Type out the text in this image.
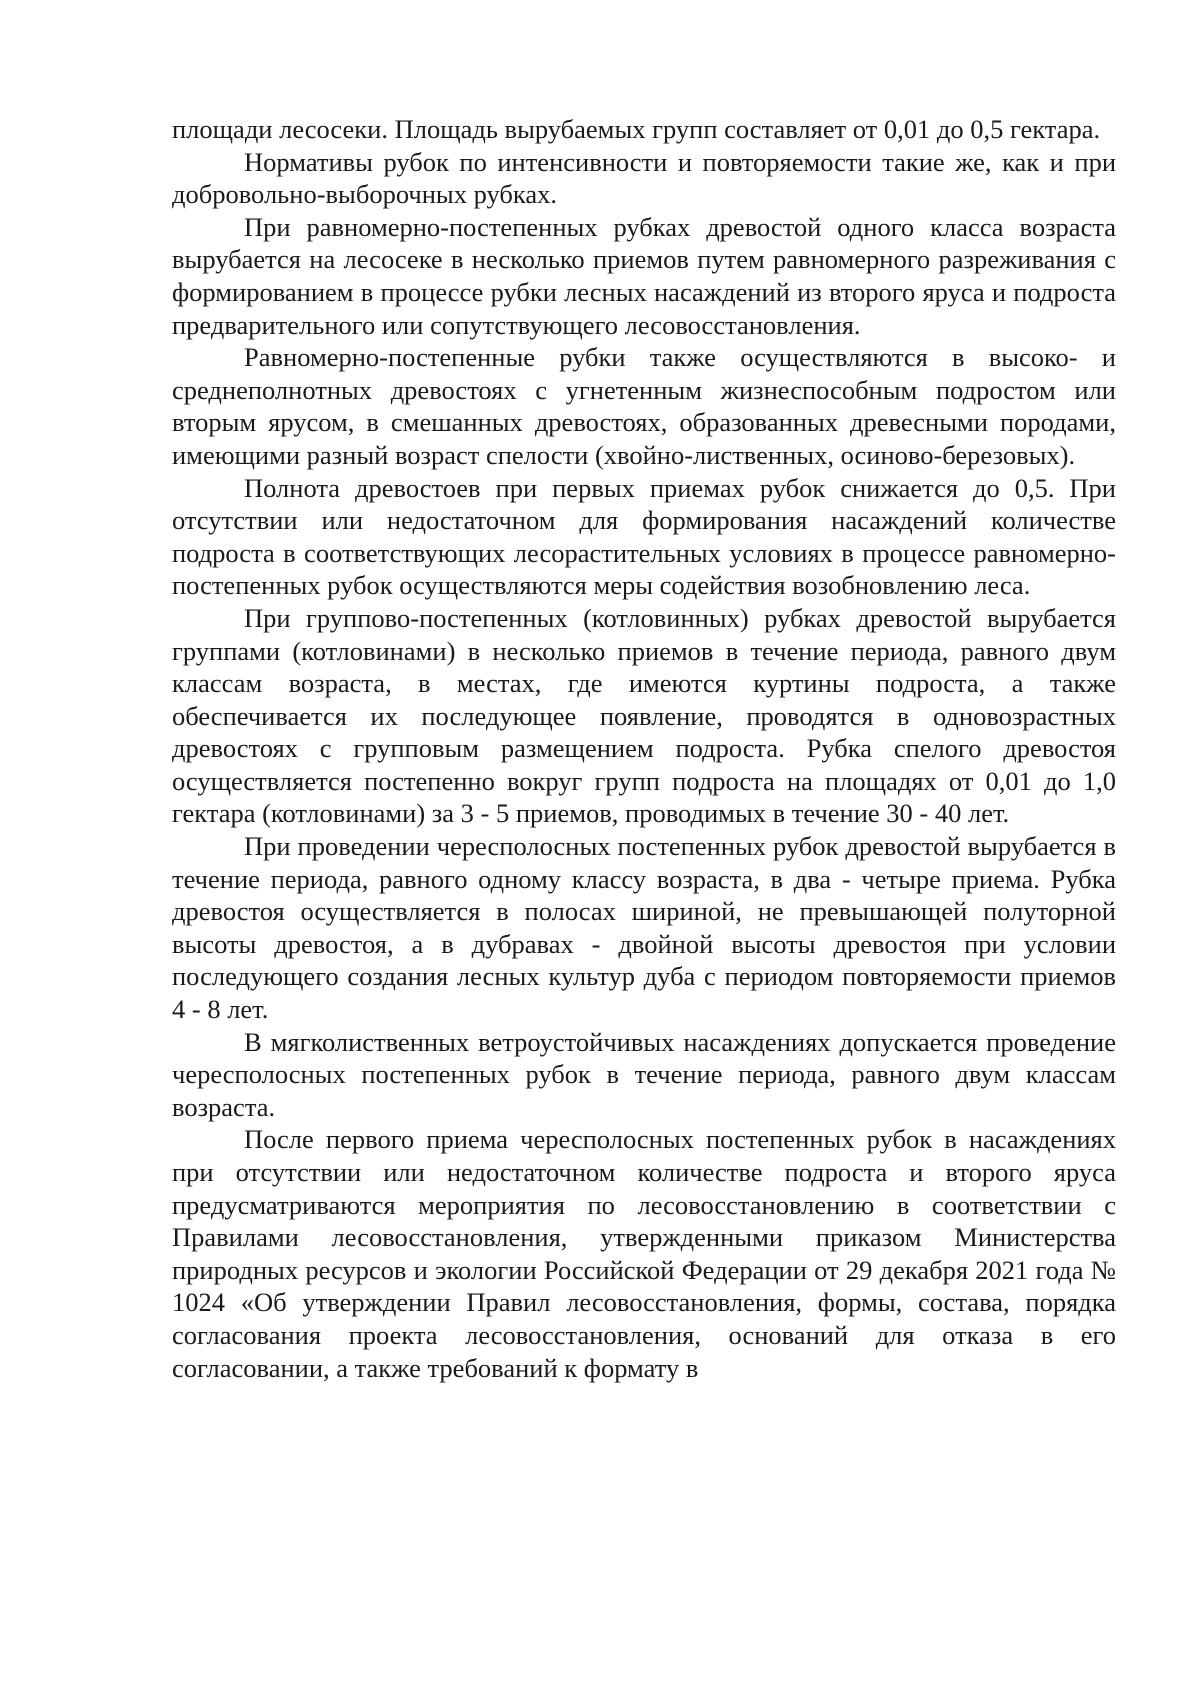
площади лесосеки. Площадь вырубаемых групп составляет от 0,01 до 0,5 гектара.

Нормативы рубок по интенсивности и повторяемости такие же, как и при добровольно-выборочных рубках.

При равномерно-постепенных рубках древостой одного класса возраста вырубается на лесосеке в несколько приемов путем равномерного разреживания с формированием в процессе рубки лесных насаждений из второго яруса и подроста предварительного или сопутствующего лесовосстановления.

Равномерно-постепенные рубки также осуществляются в высоко- и среднеполнотных древостоях с угнетенным жизнеспособным подростом или вторым ярусом, в смешанных древостоях, образованных древесными породами, имеющими разный возраст спелости (хвойно-лиственных, осиново-березовых).

Полнота древостоев при первых приемах рубок снижается до 0,5. При отсутствии или недостаточном для формирования насаждений количестве подроста в соответствующих лесорастительных условиях в процессе равномерно-постепенных рубок осуществляются меры содействия возобновлению леса.

При группово-постепенных (котловинных) рубках древостой вырубается группами (котловинами) в несколько приемов в течение периода, равного двум классам возраста, в местах, где имеются куртины подроста, а также обеспечивается их последующее появление, проводятся в одновозрастных древостоях с групповым размещением подроста. Рубка спелого древостоя осуществляется постепенно вокруг групп подроста на площадях от 0,01 до 1,0 гектара (котловинами) за 3 - 5 приемов, проводимых в течение 30 - 40 лет.

При проведении чересполосных постепенных рубок древостой вырубается в течение периода, равного одному классу возраста, в два - четыре приема. Рубка древостоя осуществляется в полосах шириной, не превышающей полуторной высоты древостоя, а в дубравах - двойной высоты древостоя при условии последующего создания лесных культур дуба с периодом повторяемости приемов 4 - 8 лет.

В мягколиственных ветроустойчивых насаждениях допускается проведение чересполосных постепенных рубок в течение периода, равного двум классам возраста.

После первого приема чересполосных постепенных рубок в насаждениях при отсутствии или недостаточном количестве подроста и второго яруса предусматриваются мероприятия по лесовосстановлению в соответствии с Правилами лесовосстановления, утвержденными приказом Министерства природных ресурсов и экологии Российской Федерации от 29 декабря 2021 года № 1024 «Об утверждении Правил лесовосстановления, формы, состава, порядка согласования проекта лесовосстановления, оснований для отказа в его согласовании, а также требований к формату в
